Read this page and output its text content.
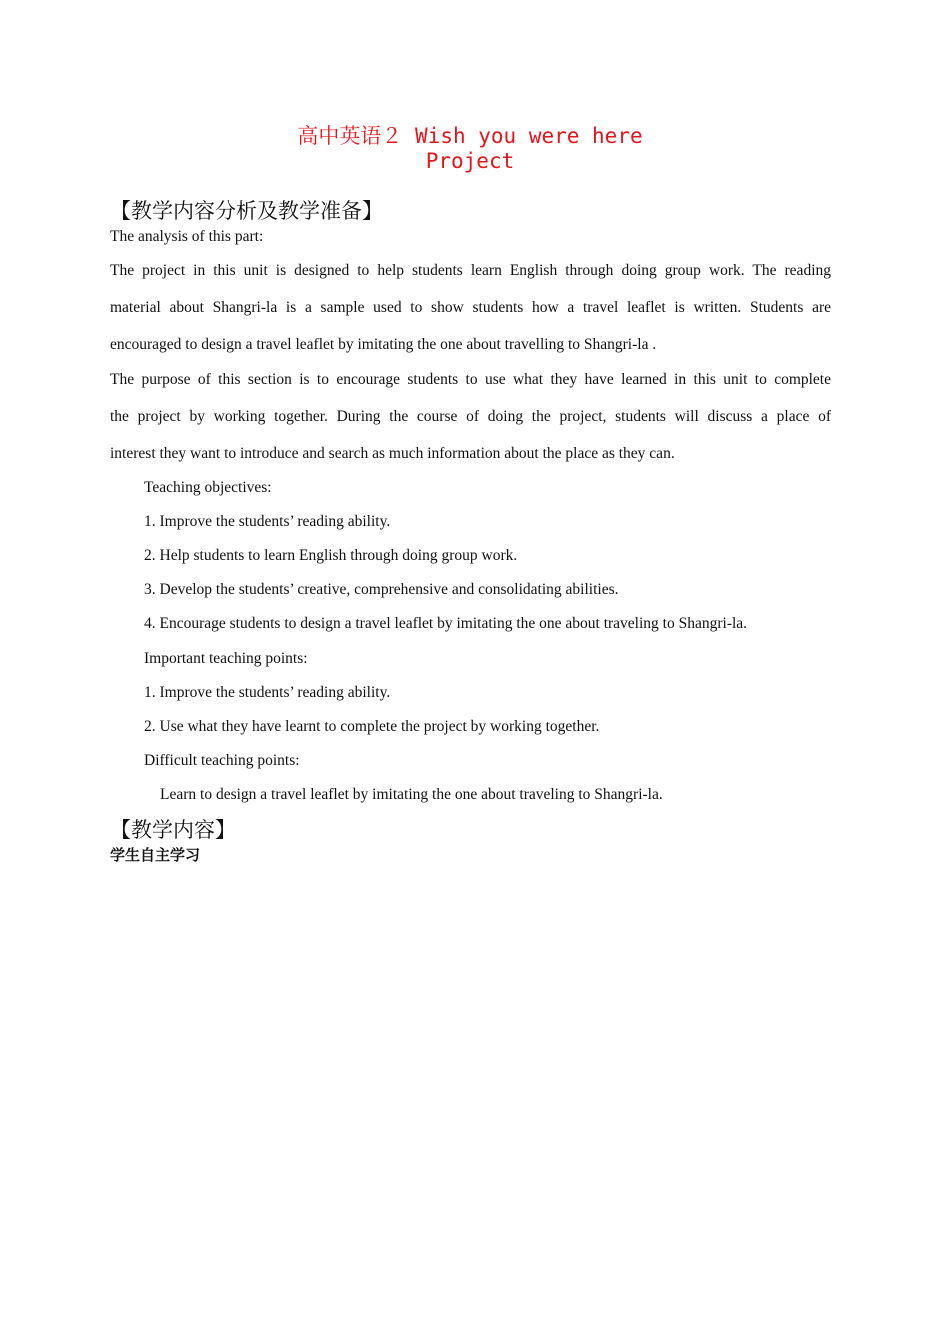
高中英语２ Wish you were here
Project
【教学内容分析及教学准备】
The analysis of this part:
The project in this unit is designed to help students learn English through doing group work. The reading
material about Shangri-la is a sample used to show students how a travel leaflet is written. Students are
encouraged to design a travel leaflet by imitating the one about travelling to Shangri-la .
The purpose of this section is to encourage students to use what they have learned in this unit to complete
the project by working together. During the course of doing the project, students will discuss a place of
interest they want to introduce and search as much information about the place as they can.
Teaching objectives:
1. Improve the students’ reading ability.
2. Help students to learn English through doing group work.
3. Develop the students’ creative, comprehensive and consolidating abilities.
4. Encourage students to design a travel leaflet by imitating the one about traveling to Shangri-la.
Important teaching points:
1. Improve the students’ reading ability.
2. Use what they have learnt to complete the project by working together.
Difficult teaching points:
Learn to design a travel leaflet by imitating the one about traveling to Shangri-la.
【教学内容】
学生自主学习
